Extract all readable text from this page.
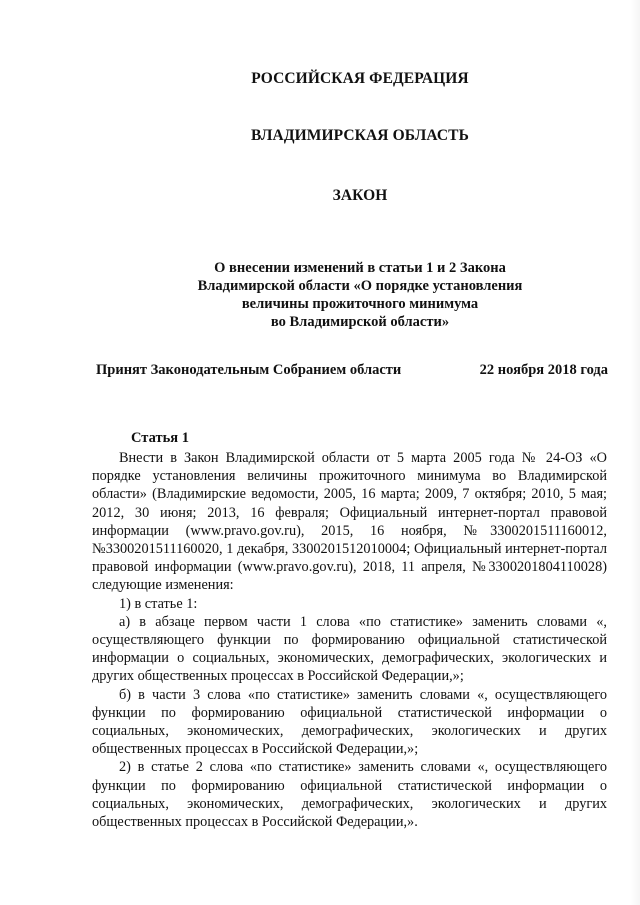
РОССИЙСКАЯ ФЕДЕРАЦИЯ
ВЛАДИМИРСКАЯ ОБЛАСТЬ
ЗАКОН
О внесении изменений в статьи 1 и 2 Закона
Владимирской области «О порядке установления
величины прожиточного минимума
во Владимирской области»
Принят Законодательным Собранием области	22 ноября 2018 года
Статья 1

Внести в Закон Владимирской области от 5 марта 2005 года № 24-ОЗ «О порядке установления величины прожиточного минимума во Владимирской области» (Владимирские ведомости, 2005, 16 марта; 2009, 7 октября; 2010, 5 мая; 2012, 30 июня; 2013, 16 февраля; Официальный интернет-портал правовой информации (www.pravo.gov.ru), 2015, 16 ноября, №3300201511160012, №3300201511160020, 1 декабря, 3300201512010004; Официальный интернет-портал правовой информации (www.pravo.gov.ru), 2018, 11 апреля, №3300201804110028) следующие изменения:

1) в статье 1:

а) в абзаце первом части 1 слова «по статистике» заменить словами «, осуществляющего функции по формированию официальной статистической информации о социальных, экономических, демографических, экологических и других общественных процессах в Российской Федерации,»;

б) в части 3 слова «по статистике» заменить словами «, осуществляющего функции по формированию официальной статистической информации о социальных, экономических, демографических, экологических и других общественных процессах в Российской Федерации,»;

2) в статье 2 слова «по статистике» заменить словами «, осуществляющего функции по формированию официальной статистической информации о социальных, экономических, демографических, экологических и других общественных процессах в Российской Федерации,».
